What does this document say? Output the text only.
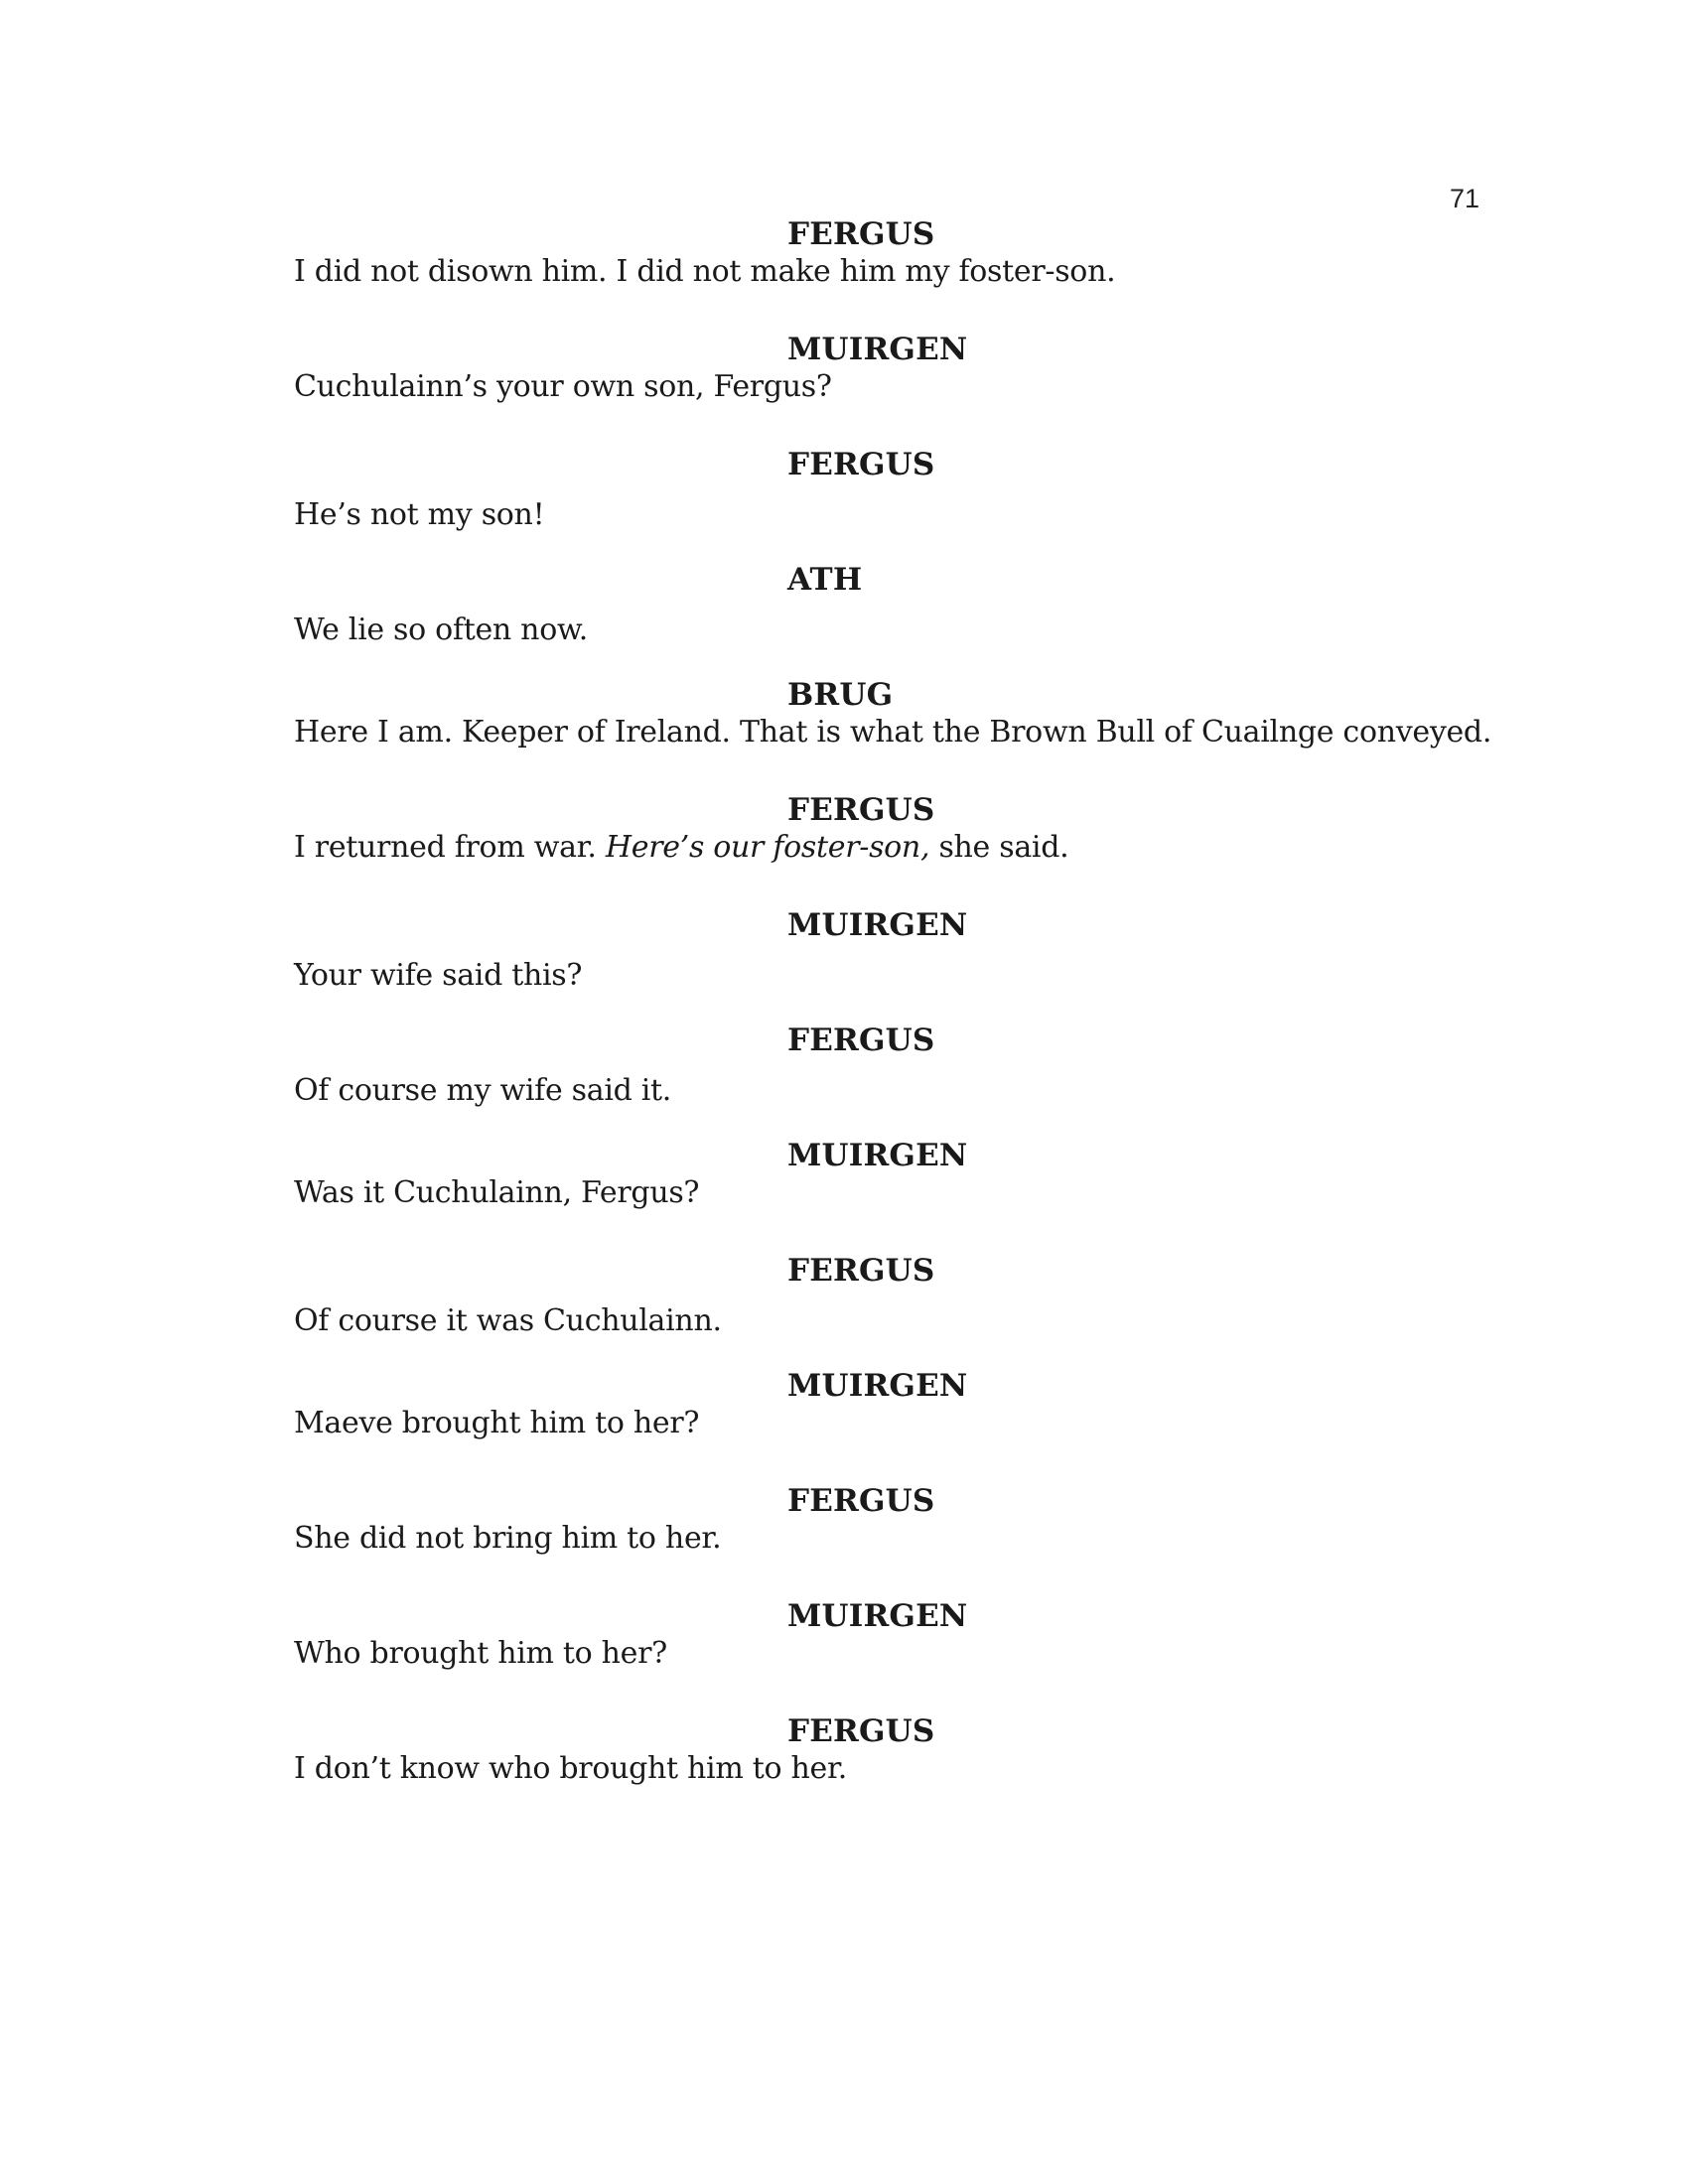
71
FERGUS
I did not disown him. I did not make him my foster-son.
MUIRGEN
Cuchulainn’s your own son, Fergus?
FERGUS
He’s not my son!
ATH
We lie so often now.
BRUG
Here I am. Keeper of Ireland. That is what the Brown Bull of Cuailnge conveyed.
FERGUS
I returned from war. Here’s our foster-son, she said.
MUIRGEN
Your wife said this?
FERGUS
Of course my wife said it.
MUIRGEN
Was it Cuchulainn, Fergus?
FERGUS
Of course it was Cuchulainn.
MUIRGEN
Maeve brought him to her?
FERGUS
She did not bring him to her.
MUIRGEN
Who brought him to her?
FERGUS
I don’t know who brought him to her.
